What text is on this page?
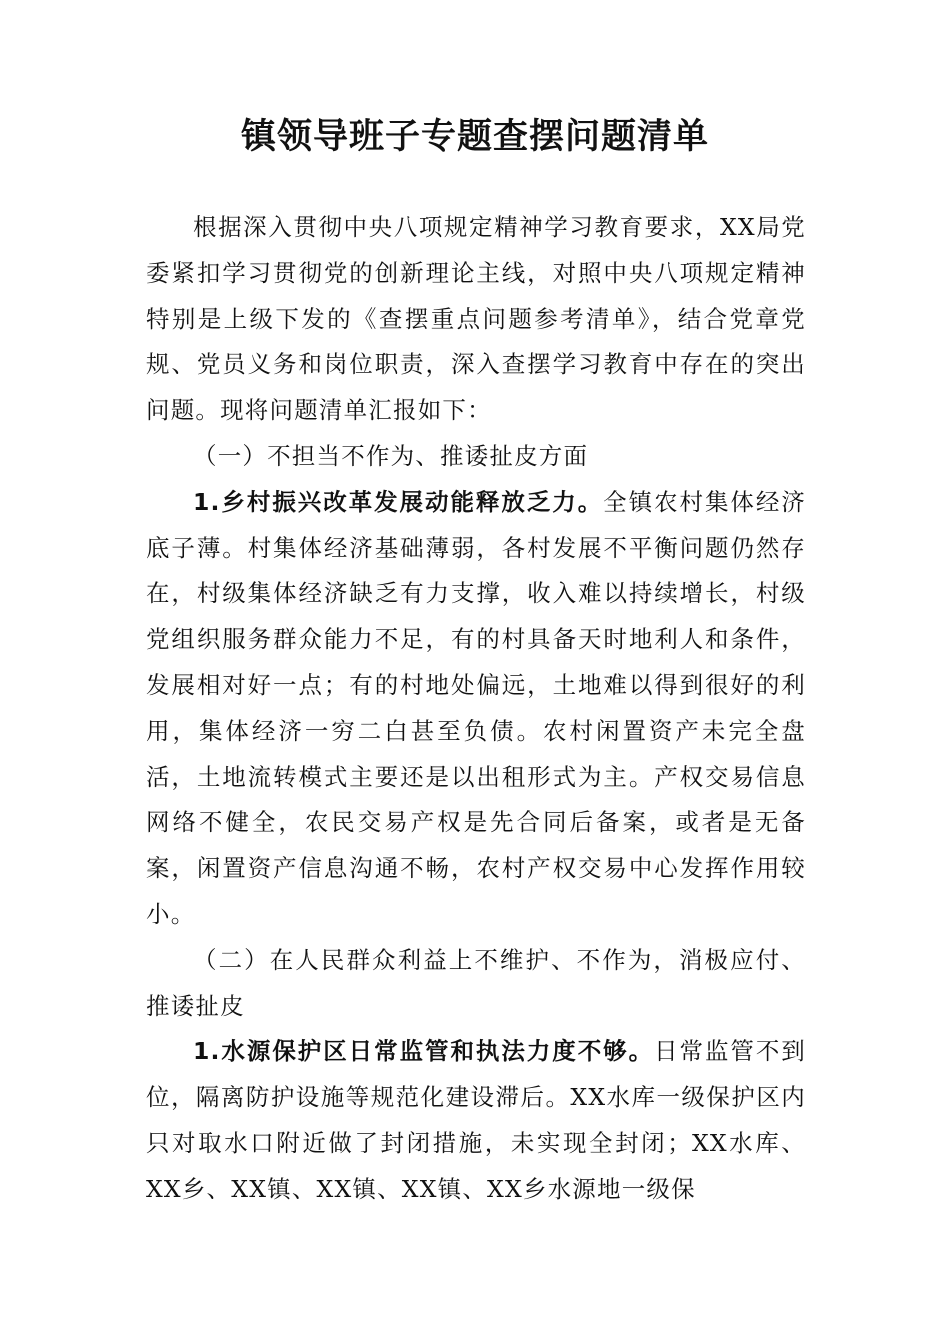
镇领导班子专题查摆问题清单

根据深入贯彻中央八项规定精神学习教育要求，XX局党委紧扣学习贯彻党的创新理论主线，对照中央八项规定精神特别是上级下发的《查摆重点问题参考清单》，结合党章党规、党员义务和岗位职责，深入查摆学习教育中存在的突出问题。现将问题清单汇报如下：

（一）不担当不作为、推诿扯皮方面

1.乡村振兴改革发展动能释放乏力。全镇农村集体经济底子薄。村集体经济基础薄弱，各村发展不平衡问题仍然存在，村级集体经济缺乏有力支撑，收入难以持续增长，村级党组织服务群众能力不足，有的村具备天时地利人和条件，发展相对好一点；有的村地处偏远，土地难以得到很好的利用，集体经济一穷二白甚至负债。农村闲置资产未完全盘活，土地流转模式主要还是以出租形式为主。产权交易信息网络不健全，农民交易产权是先合同后备案，或者是无备案，闲置资产信息沟通不畅，农村产权交易中心发挥作用较小。

（二）在人民群众利益上不维护、不作为，消极应付、推诿扯皮

1.水源保护区日常监管和执法力度不够。日常监管不到位，隔离防护设施等规范化建设滞后。XX水库一级保护区内只对取水口附近做了封闭措施，未实现全封闭；XX水库、XX乡、XX镇、XX镇、XX镇、XX乡水源地一级保
